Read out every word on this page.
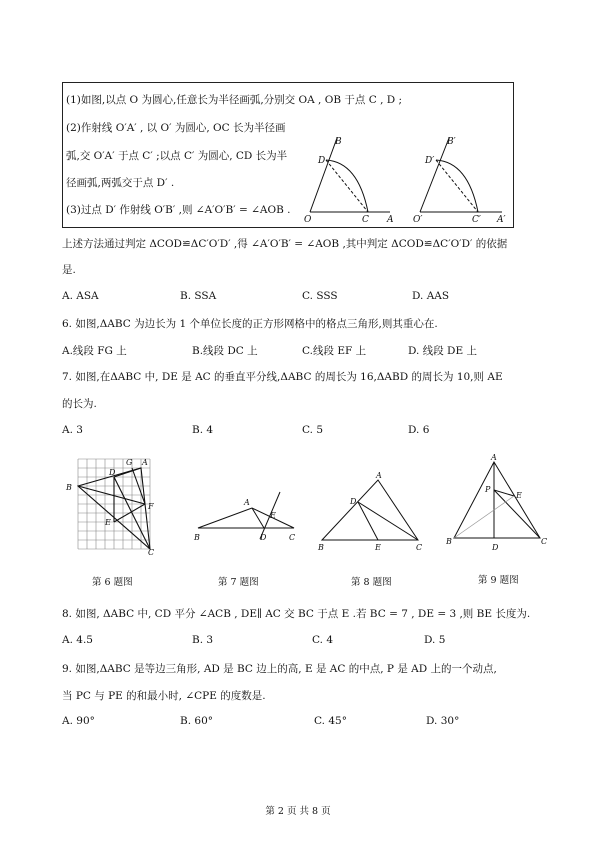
(1)如图,以点 O 为圆心,任意长为半径画弧,分别交 OA , OB 于点 C , D ;
(2)作射线 O′A′ , 以 O′ 为圆心, OC 长为半径画
弧,交 O′A′ 于点 C′ ;以点 C′ 为圆心, CD 长为半
径画弧,两弧交于点 D′ .
(3)过点 D′ 作射线 O′B′ ,则 ∠A′O′B′ = ∠AOB .
O	C A
B
D
O′	C′ A′
B′
D′
上述方法通过判定 ΔCOD≌ΔC′O′D′ ,得 ∠A′O′B′ = ∠AOB ,其中判定 ΔCOD≌ΔC′O′D′ 的依据
是.
A. ASA	B. SSA	C. SSS	D. AAS
6. 如图,ΔABC 为边长为 1 个单位长度的正方形网格中的格点三角形,则其重心在.
A.线段 FG 上	B.线段 DC 上	C.线段 EF 上	D. 线段 DE 上
7. 如图,在ΔABC 中, DE 是 AC 的垂直平分线,ΔABC 的周长为 16,ΔABD 的周长为 10,则 AE
的长为.
A. 3	B. 4	C. 5	D. 6
A
B
C
D
E
F
G
第 6 题图
A
B	C
D
E
第 7 题图
A
B	C
D
E
第 8 题图
A
B	C
D
E
P
第 9 题图
8. 如图, ΔABC 中, CD 平分 ∠ACB , DE∥ AC 交 BC 于点 E .若 BC = 7 , DE = 3 ,则 BE 长度为.
A. 4.5	B. 3	C. 4	D. 5
9. 如图,ΔABC 是等边三角形, AD 是 BC 边上的高, E 是 AC 的中点, P 是 AD 上的一个动点,
当 PC 与 PE 的和最小时, ∠CPE 的度数是.
A. 90°	B. 60°	C. 45°	D. 30°
第 2 页 共 8 页
